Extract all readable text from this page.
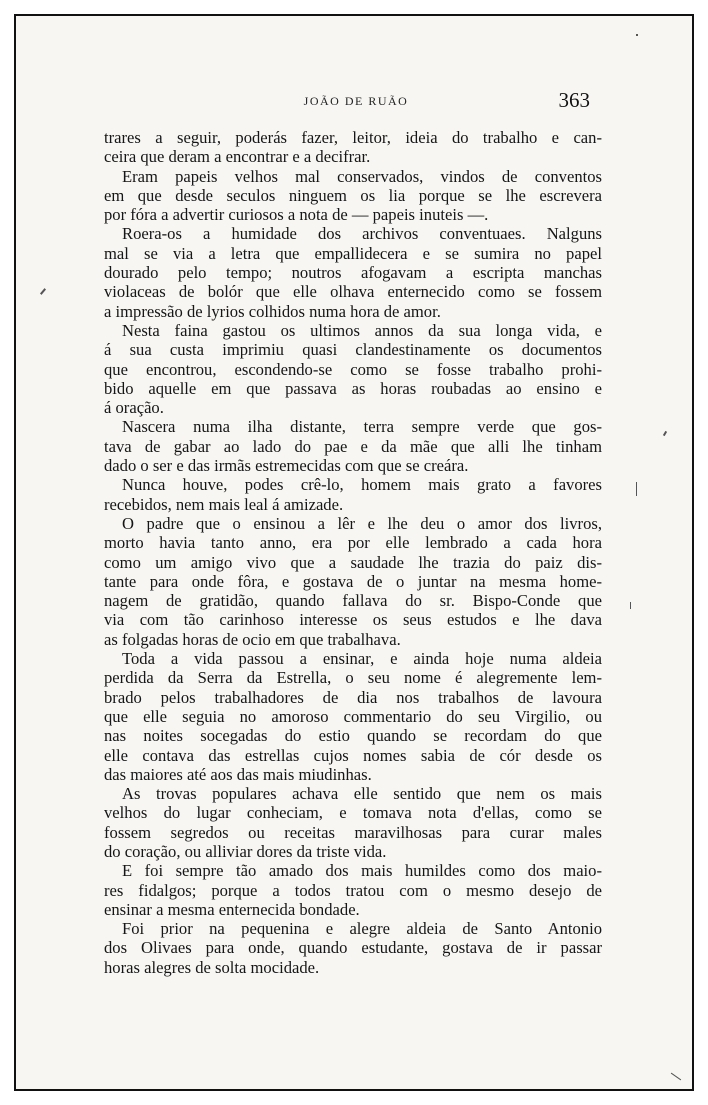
JOÃO DE RUÃO	363
trares a seguir, poderás fazer, leitor, ideia do trabalho e can-
ceira que deram a encontrar e a decifrar.
Eram papeis velhos mal conservados, vindos de conventos
em que desde seculos ninguem os lia porque se lhe escrevera
por fóra a advertir curiosos a nota de — papeis inuteis —.
Roera-os a humidade dos archivos conventuaes. Nalguns
mal se via a letra que empallidecera e se sumira no papel
dourado pelo tempo; noutros afogavam a escripta manchas
violaceas de bolór que elle olhava enternecido como se fossem
a impressão de lyrios colhidos numa hora de amor.
Nesta faina gastou os ultimos annos da sua longa vida, e
á sua custa imprimiu quasi clandestinamente os documentos
que encontrou, escondendo-se como se fosse trabalho prohi-
bido aquelle em que passava as horas roubadas ao ensino e
á oração.
Nascera numa ilha distante, terra sempre verde que gos-
tava de gabar ao lado do pae e da mãe que alli lhe tinham
dado o ser e das irmãs estremecidas com que se creára.
Nunca houve, podes crê-lo, homem mais grato a favores
recebidos, nem mais leal á amizade.
O padre que o ensinou a lêr e lhe deu o amor dos livros,
morto havia tanto anno, era por elle lembrado a cada hora
como um amigo vivo que a saudade lhe trazia do paiz dis-
tante para onde fôra, e gostava de o juntar na mesma home-
nagem de gratidão, quando fallava do sr. Bispo-Conde que
via com tão carinhoso interesse os seus estudos e lhe dava
as folgadas horas de ocio em que trabalhava.
Toda a vida passou a ensinar, e ainda hoje numa aldeia
perdida da Serra da Estrella, o seu nome é alegremente lem-
brado pelos trabalhadores de dia nos trabalhos de lavoura
que elle seguia no amoroso commentario do seu Virgilio, ou
nas noites socegadas do estio quando se recordam do que
elle contava das estrellas cujos nomes sabia de cór desde os
das maiores até aos das mais miudinhas.
As trovas populares achava elle sentido que nem os mais
velhos do lugar conheciam, e tomava nota d'ellas, como se
fossem segredos ou receitas maravilhosas para curar males
do coração, ou alliviar dores da triste vida.
E foi sempre tão amado dos mais humildes como dos maio-
res fidalgos; porque a todos tratou com o mesmo desejo de
ensinar a mesma enternecida bondade.
Foi prior na pequenina e alegre aldeia de Santo Antonio
dos Olivaes para onde, quando estudante, gostava de ir passar
horas alegres de solta mocidade.
